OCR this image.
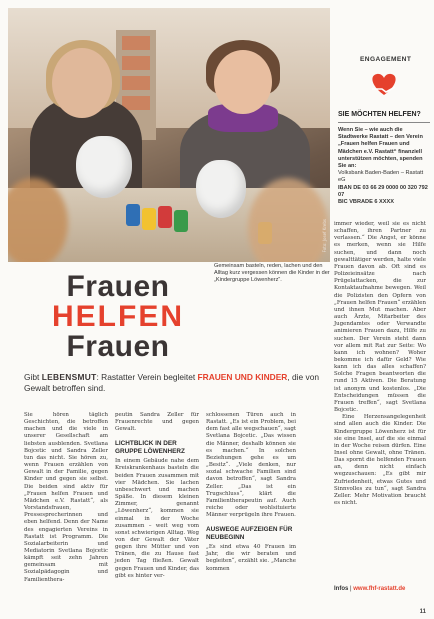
Foto: Josef Krebs
Gemeinsam basteln, reden, lachen und den Alltag kurz vergessen können die Kinder in der „Kindergruppe Löwenherz“.
ENGAGEMENT
SIE MÖCHTEN HELFEN?

Wenn Sie – wie auch die Stadtwerke Rastatt – den Verein „Frauen helfen Frauen und Mädchen e.V. Rastatt“ finanziell unterstützen möchten, spenden Sie an:

Volksbank Baden-Baden – Rastatt eG

IBAN DE 03 66 29 0000 00 320 792 07

BIC VBRADE 6 XXXX

Frauen
HELFEN
Frauen
Gibt LEBENSMUT: Rastatter Verein begleitet FRAUEN UND KINDER, die von Gewalt betroffen sind.

Sie hören täglich Geschichten, die betroffen machen und die viele in unserer Gesellschaft am liebsten ausblenden. Svetlana Bojcetic und Sandra Zeller tun das nicht. Sie hören zu, wenn Frauen erzählen von Gewalt in der Familie, gegen Kinder und gegen sie selbst. Die beiden sind aktiv für „Frauen helfen Frauen und Mädchen e.V. Rastatt“, als Vorstandsfrauen, Pressesprecherinnen und eben helfend. Denn der Name des engagierten Vereins in Rastatt ist Programm. Die Sozialarbeiterin und Mediatorin Svetlana Bojcetic kämpft seit zehn Jahren gemeinsam mit Sozialpädagogin und Familienthera-

peutin Sandra Zeller für Frauenrechte und gegen Gewalt.

LICHTBLICK IN DER GRUPPE LÖWENHERZ

In einem Gebäude nahe dem Kreiskrankenhaus basteln die beiden Frauen zusammen mit vier Mädchen. Sie lachen unbeschwert und machen Späße. In diesem kleinen Zimmer, genannt „Löwenherz“, kommen sie einmal in der Woche zusammen – weit weg vom sonst schwierigen Alltag. Weg von der Gewalt der Väter gegen ihre Mütter und von Tränen, die zu Hause fast jeden Tag fließen. Gewalt gegen Frauen und Kinder, das gibt es hinter ver-

schlossenen Türen auch in Rastatt. „Es ist ein Problem, bei dem fast alle wegschauen“, sagt Svetlana Bojcetic. „Das wissen die Männer, deshalb können sie es machen.“ In solchen Beziehungen gehe es um „Besitz“. „Viele denken, nur sozial schwache Familien sind davon betroffen“, sagt Sandra Zeller. „Das ist ein Trugschluss“, klärt die Familientherapeutin auf. Auch reiche oder wohlsituierte Männer verprügeln ihre Frauen.

AUSWEGE AUFZEIGEN FÜR NEUBEGINN

„Es sind etwa 40 Frauen im Jahr, die wir beraten und begleiten“, erzählt sie. „Manche kommen

immer wieder, weil sie es nicht schaffen, ihren Partner zu verlassen.“ Die Angst, er könne es merken, wenn sie Hilfe suchen, und dann noch gewalttätiger werden, halte viele Frauen davon ab. Oft sind es Polizeieinsätze nach Prügelattacken, die zur Kontaktaufnahme bewegen. Weil die Polizisten den Opfern von „Frauen helfen Frauen“ erzählen und ihnen Mut machen. Aber auch Ärzte, Mitarbeiter des Jugendamtes oder Verwandte animieren Frauen dazu, Hilfe zu suchen. Der Verein steht dann vor allem mit Rat zur Seite: Wo kann ich wohnen? Woher bekomme ich dafür Geld? Wie kann ich das alles schaffen? Solche Fragen beantworten die rund 15 Aktiven. Die Beratung ist anonym und kostenlos. „Die Entscheidungen müssen die Frauen treffen“, sagt Svetlana Bojcetic.

Eine Herzensangelegenheit sind allen auch die Kinder. Die Kindergruppe Löwenherz ist für sie eine Insel, auf die sie einmal in der Woche reisen dürfen. Eine Insel ohne Gewalt, ohne Tränen. Das spornt die helfenden Frauen an, denn nicht einfach wegzuschauen: „Es gibt mir Zufriedenheit, etwas Gutes und Sinnvolles zu tun“, sagt Sandra Zeller. Mehr Motivation braucht es nicht.

Infos | www.fhf-rastatt.de
11
